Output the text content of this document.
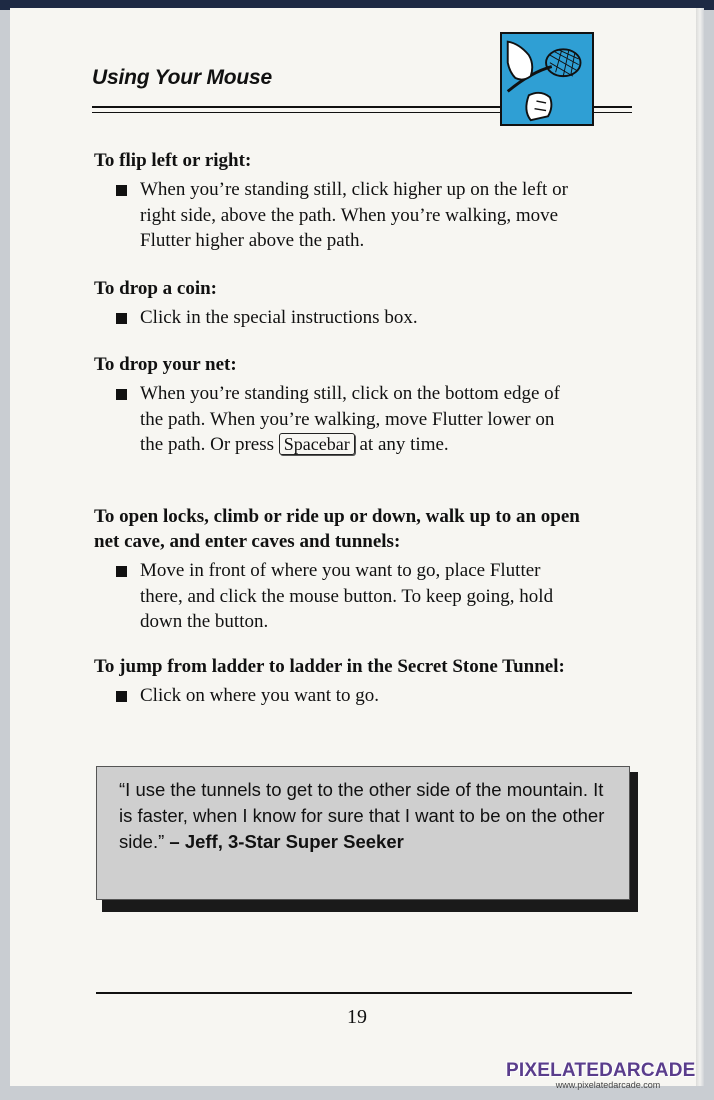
Using Your Mouse
To flip left or right:
When you’re standing still, click higher up on the left or right side, above the path. When you’re walking, move Flutter higher above the path.
To drop a coin:
Click in the special instructions box.
To drop your net:
When you’re standing still, click on the bottom edge of the path. When you’re walking, move Flutter lower on the path. Or press Spacebar at any time.
To open locks, climb or ride up or down, walk up to an open net cave, and enter caves and tunnels:
Move in front of where you want to go, place Flutter there, and click the mouse button. To keep going, hold down the button.
To jump from ladder to ladder in the Secret Stone Tunnel:
Click on where you want to go.
“I use the tunnels to get to the other side of the mountain. It is faster, when I know for sure that I want to be on the other side.” – Jeff, 3-Star Super Seeker
19
PIXELATEDARCADE
www.pixelatedarcade.com
